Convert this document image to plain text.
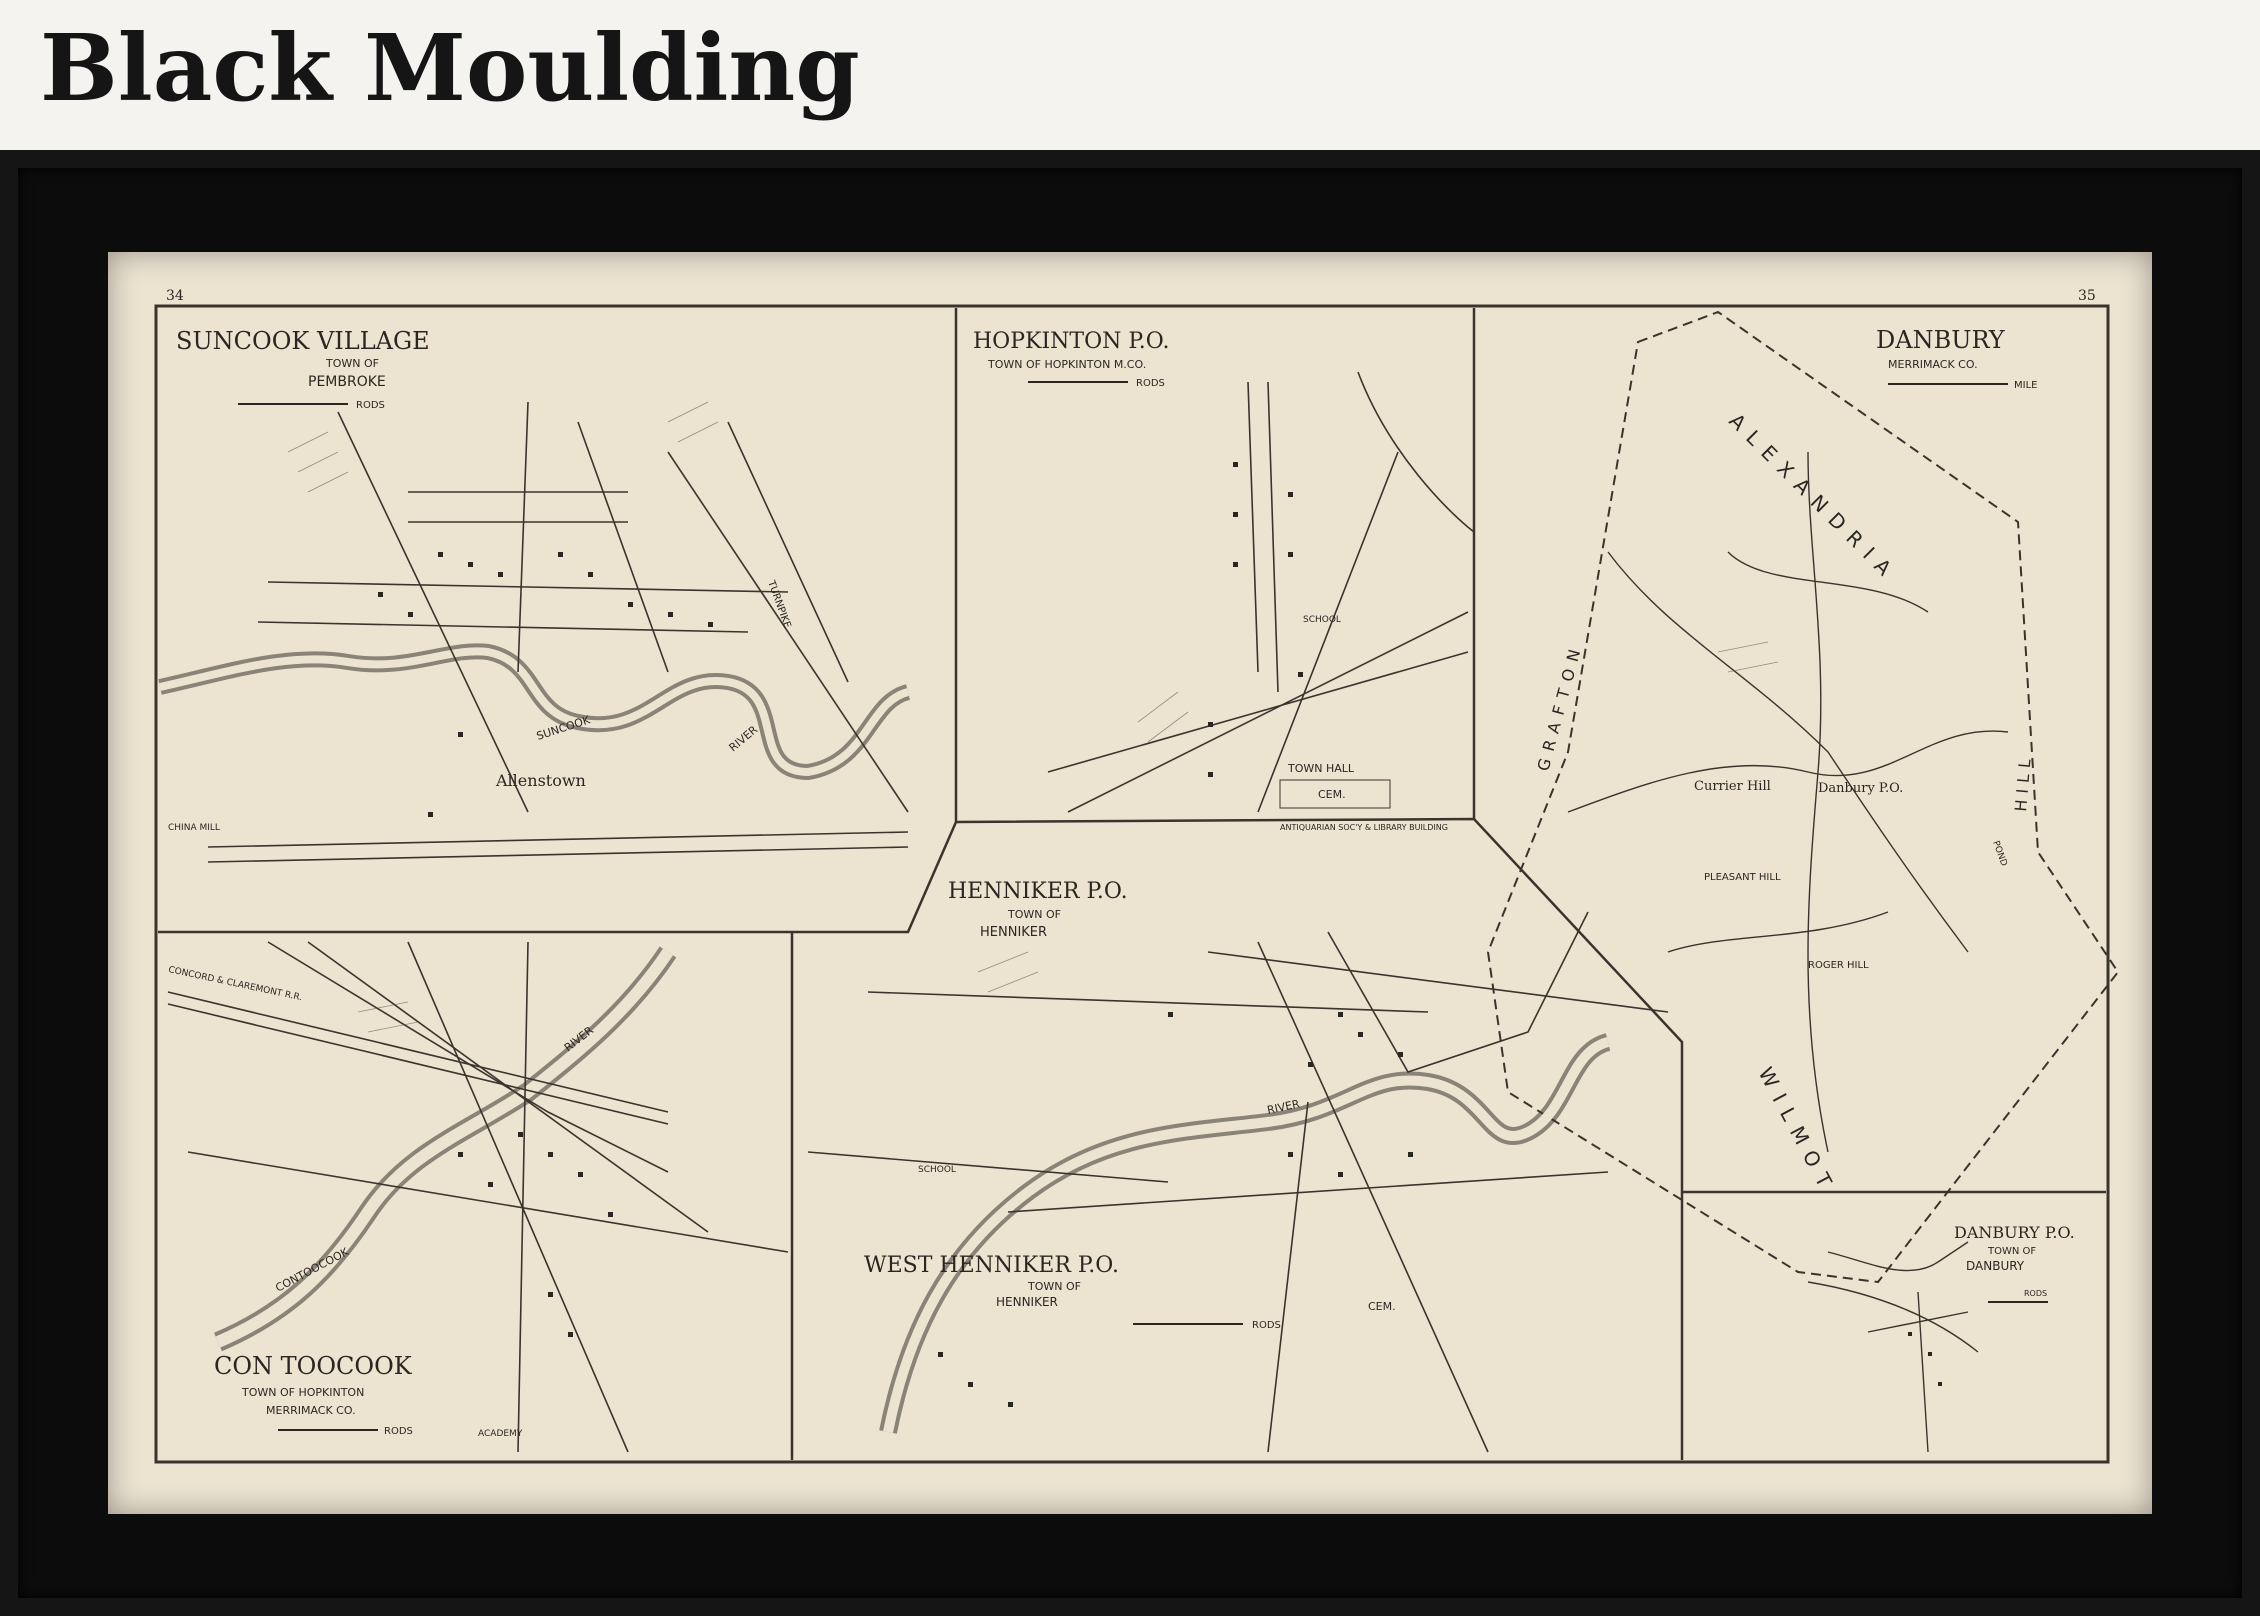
Black Moulding
34	35
SUNCOOK VILLAGE
TOWN OF
PEMBROKE
RODS
Allenstown
SUNCOOK	RIVER
TURNPIKE
CHINA MILL
HOPKINTON P.O.
TOWN OF HOPKINTON M.CO.
RODS
TOWN HALL
CEM.
SCHOOL
ANTIQUARIAN SOC'Y & LIBRARY BUILDING
DANBURY
MERRIMACK CO.
MILE
ALEXANDRIA
GRAFTON
WILMOT
HILL
Currier Hill	Danbury P.O.
PLEASANT HILL
ROGER HILL
POND
HENNIKER P.O.
TOWN OF
HENNIKER
RIVER
CEM.
SCHOOL
RODS
WEST HENNIKER P.O.
TOWN OF
HENNIKER
CON TOOCOOK
TOWN OF HOPKINTON
MERRIMACK CO.
RODS
RIVER
CONTOOCOOK
CONCORD & CLAREMONT R.R.
ACADEMY
DANBURY P.O.
TOWN OF
DANBURY
RODS
